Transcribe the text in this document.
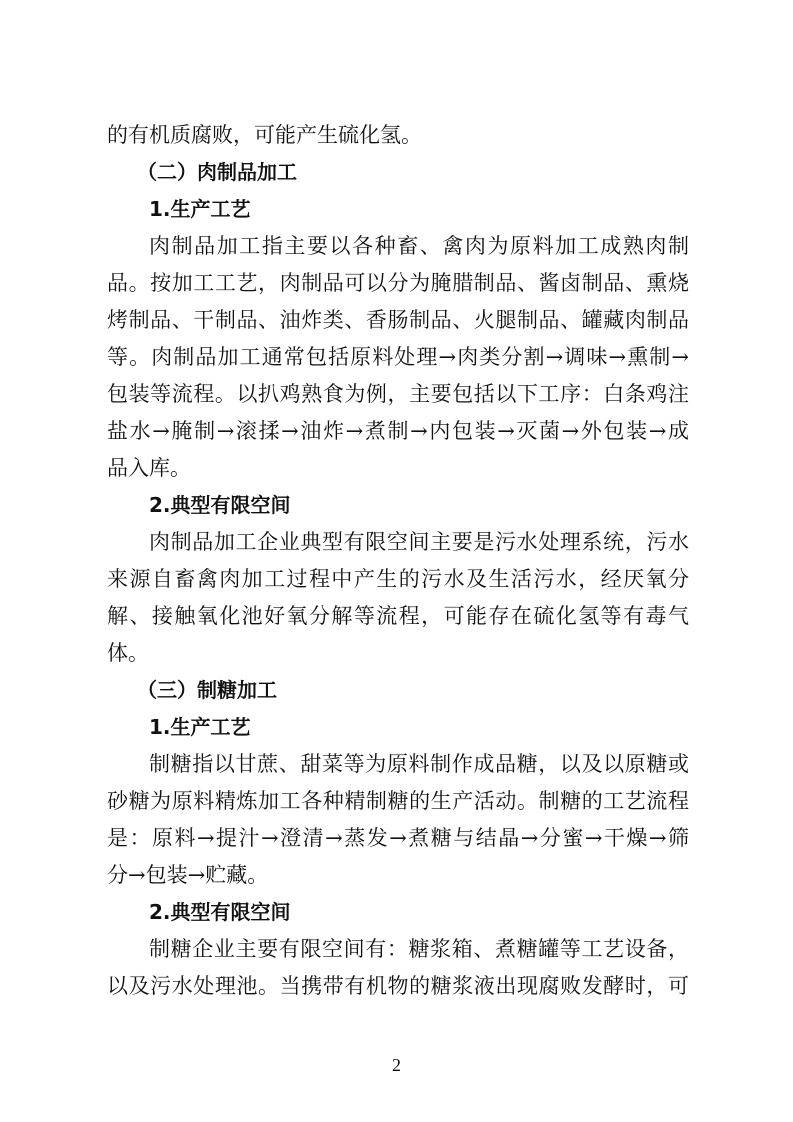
的有机质腐败，可能产生硫化氢。
（二）肉制品加工
1.生产工艺
肉制品加工指主要以各种畜、禽肉为原料加工成熟肉制
品。按加工工艺，肉制品可以分为腌腊制品、酱卤制品、熏烧
烤制品、干制品、油炸类、香肠制品、火腿制品、罐藏肉制品
等。肉制品加工通常包括原料处理→肉类分割→调味→熏制→
包装等流程。以扒鸡熟食为例，主要包括以下工序：白条鸡注
盐水→腌制→滚揉→油炸→煮制→内包装→灭菌→外包装→成
品入库。
2.典型有限空间
肉制品加工企业典型有限空间主要是污水处理系统，污水
来源自畜禽肉加工过程中产生的污水及生活污水，经厌氧分
解、接触氧化池好氧分解等流程，可能存在硫化氢等有毒气
体。
（三）制糖加工
1.生产工艺
制糖指以甘蔗、甜菜等为原料制作成品糖，以及以原糖或
砂糖为原料精炼加工各种精制糖的生产活动。制糖的工艺流程
是：原料→提汁→澄清→蒸发→煮糖与结晶→分蜜→干燥→筛
分→包装→贮藏。
2.典型有限空间
制糖企业主要有限空间有：糖浆箱、煮糖罐等工艺设备，
以及污水处理池。当携带有机物的糖浆液出现腐败发酵时，可
2
